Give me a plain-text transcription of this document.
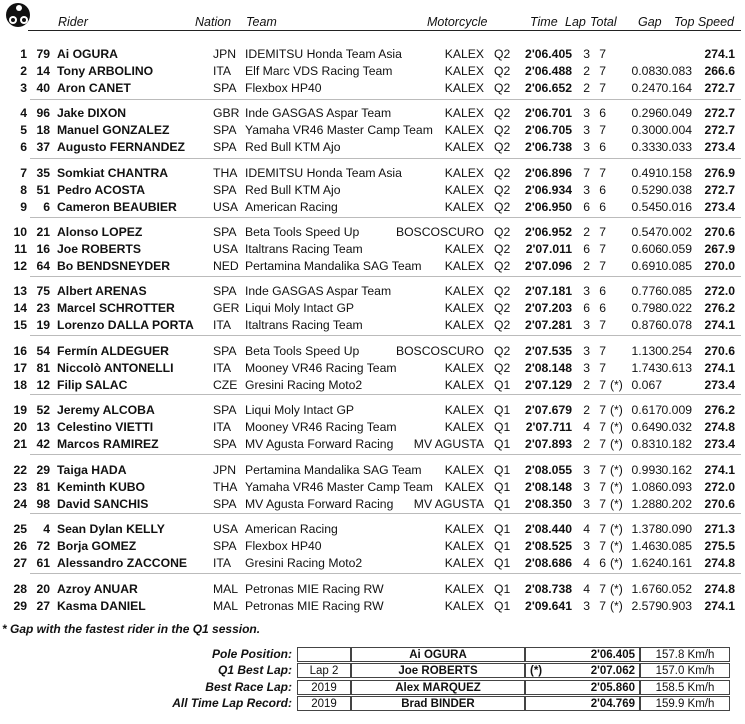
Rider	Nation Team	Motorcycle	Time Lap Total Gap Top Speed
1 79 Ai OGURA	JPN IDEMITSU Honda Team Asia	KALEX Q2	2'06.405 3 7	274.1
2 14 Tony ARBOLINO	ITA	Elf Marc VDS Racing Team	KALEX Q2	2'06.488 2 7	0.083 0.083	266.6
3 40 Aron CANET	SPA Flexbox HP40	KALEX Q2	2'06.652 2 7	0.247 0.164	272.7
4 96 Jake DIXON	GBR Inde GASGAS Aspar Team	KALEX Q2	2'06.701 3 6	0.296 0.049	272.7
5 18 Manuel GONZALEZ	SPA Yamaha VR46 Master Camp Team KALEX Q2	2'06.705 3 7	0.300 0.004	272.7
6 37 Augusto FERNANDEZ	SPA Red Bull KTM Ajo	KALEX Q2	2'06.738 3 6	0.333 0.033	273.4
7 35 Somkiat CHANTRA	THA IDEMITSU Honda Team Asia	KALEX Q2	2'06.896 7 7	0.491 0.158	276.9
8 51 Pedro ACOSTA	SPA Red Bull KTM Ajo	KALEX Q2	2'06.934 3 6	0.529 0.038	272.7
9	6 Cameron BEAUBIER	USA American Racing	KALEX Q2	2'06.950 6 6	0.545 0.016	273.4
10 21 Alonso LOPEZ	SPA Beta Tools Speed Up	BOSCOSCURO Q2	2'06.952 2 7	0.547 0.002	270.6
11 16 Joe ROBERTS	USA Italtrans Racing Team	KALEX Q2	2'07.011 6 7	0.606 0.059	267.9
12 64 Bo BENDSNEYDER	NED Pertamina Mandalika SAG Team	KALEX Q2	2'07.096 2 7	0.691 0.085	270.0
13 75 Albert ARENAS	SPA Inde GASGAS Aspar Team	KALEX Q2	2'07.181 3 6	0.776 0.085	272.0
14 23 Marcel SCHROTTER	GER Liqui Moly Intact GP	KALEX Q2	2'07.203 6 6	0.798 0.022	276.2
15 19 Lorenzo DALLA PORTA	ITA	Italtrans Racing Team	KALEX Q2	2'07.281 3 7	0.876 0.078	274.1
16 54 Fermín ALDEGUER	SPA Beta Tools Speed Up	BOSCOSCURO Q2	2'07.535 3 7	1.130 0.254	270.6
17 81 Niccolò ANTONELLI	ITA	Mooney VR46 Racing Team	KALEX Q2	2'08.148 3 7	1.743 0.613	274.1
18 12 Filip SALAC	CZE Gresini Racing Moto2	KALEX Q1	2'07.129 2 7 (*) 0.067	273.4
19 52 Jeremy ALCOBA	SPA Liqui Moly Intact GP	KALEX Q1	2'07.679 2 7 (*) 0.617 0.009	276.2
20 13 Celestino VIETTI	ITA	Mooney VR46 Racing Team	KALEX Q1	2'07.711 4 7 (*) 0.649 0.032	274.8
21 42 Marcos RAMIREZ	SPA MV Agusta Forward Racing	MV AGUSTA Q1	2'07.893 2 7 (*) 0.831 0.182	273.4
22 29 Taiga HADA	JPN Pertamina Mandalika SAG Team	KALEX Q1	2'08.055 3 7 (*) 0.993 0.162	274.1
23 81 Keminth KUBO	THA Yamaha VR46 Master Camp Team KALEX Q1	2'08.148 3 7 (*) 1.086 0.093	272.0
24 98 David SANCHIS	SPA MV Agusta Forward Racing	MV AGUSTA Q1	2'08.350 3 7 (*) 1.288 0.202	270.6
25	4 Sean Dylan KELLY	USA American Racing	KALEX Q1	2'08.440 4 7 (*) 1.378 0.090	271.3
26 72 Borja GOMEZ	SPA Flexbox HP40	KALEX Q1	2'08.525 3 7 (*) 1.463 0.085	275.5
27 61 Alessandro ZACCONE	ITA	Gresini Racing Moto2	KALEX Q1	2'08.686 4 6 (*) 1.624 0.161	274.8
28 20 Azroy ANUAR	MAL Petronas MIE Racing RW	KALEX Q1	2'08.738 4 7 (*) 1.676 0.052	274.8
29 27 Kasma DANIEL	MAL Petronas MIE Racing RW	KALEX Q1	2'09.641 3 7 (*) 2.579 0.903	274.1
* Gap with the fastest rider in the Q1 session.
Pole Position:	Ai OGURA	2'06.405	157.8 Km/h
Q1 Best Lap:	Lap 2	Joe ROBERTS	(*)	2'07.062	157.0 Km/h
Best Race Lap:	2019	Alex MARQUEZ	2'05.860	158.5 Km/h
All Time Lap Record:	2019	Brad BINDER	2'04.769	159.9 Km/h
